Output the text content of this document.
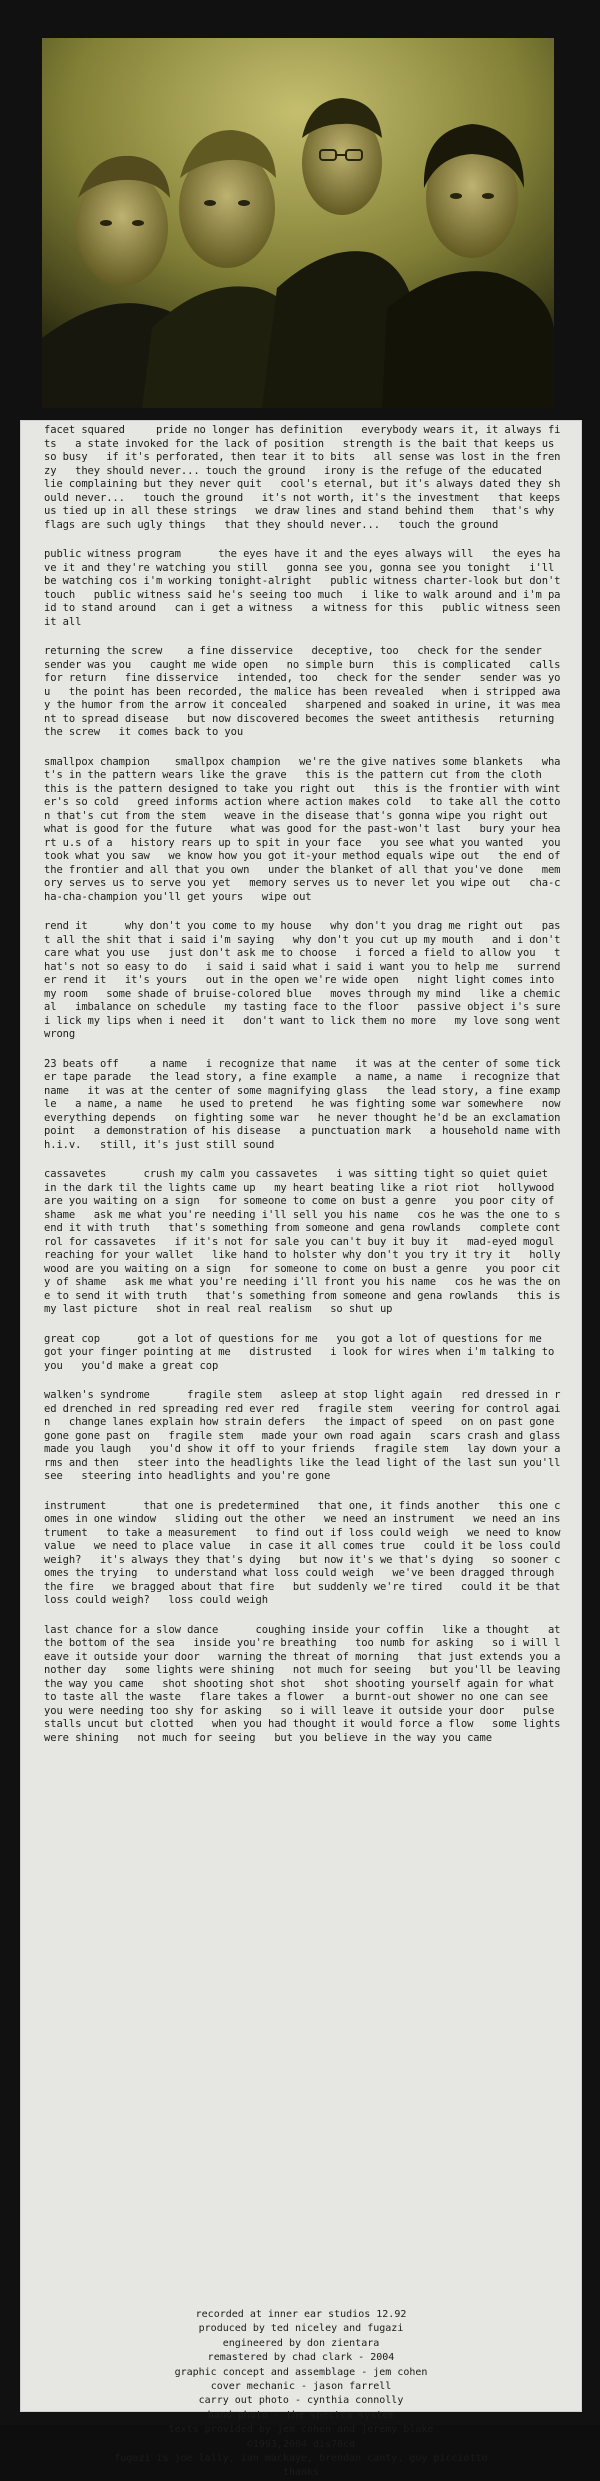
facet squared     pride no longer has definition   everybody wears it, it always fits   a state invoked for the lack of position   strength is the bait that keeps us so busy   if it's perforated, then tear it to bits   all sense was lost in the frenzy   they should never... touch the ground   irony is the refuge of the educated   lie complaining but they never quit   cool's eternal, but it's always dated they should never...   touch the ground   it's not worth, it's the investment   that keeps us tied up in all these strings   we draw lines and stand behind them   that's why flags are such ugly things   that they should never...   touch the ground
public witness program      the eyes have it and the eyes always will   the eyes have it and they're watching you still   gonna see you, gonna see you tonight   i'll be watching cos i'm working tonight-alright   public witness charter-look but don't touch   public witness said he's seeing too much   i like to walk around and i'm paid to stand around   can i get a witness   a witness for this   public witness seen it all
returning the screw    a fine disservice   deceptive, too   check for the sender   sender was you   caught me wide open   no simple burn   this is complicated   calls for return   fine disservice   intended, too   check for the sender   sender was you   the point has been recorded, the malice has been revealed   when i stripped away the humor from the arrow it concealed   sharpened and soaked in urine, it was meant to spread disease   but now discovered becomes the sweet antithesis   returning the screw   it comes back to you
smallpox champion    smallpox champion   we're the give natives some blankets   what's in the pattern wears like the grave   this is the pattern cut from the cloth   this is the pattern designed to take you right out   this is the frontier with winter's so cold   greed informs action where action makes cold   to take all the cotton that's cut from the stem   weave in the disease that's gonna wipe you right out   what is good for the future   what was good for the past-won't last   bury your heart u.s of a   history rears up to spit in your face   you see what you wanted   you took what you saw   we know how you got it-your method equals wipe out   the end of the frontier and all that you own   under the blanket of all that you've done   memory serves us to serve you yet   memory serves us to never let you wipe out   cha-cha-cha-champion you'll get yours   wipe out
rend it      why don't you come to my house   why don't you drag me right out   past all the shit that i said i'm saying   why don't you cut up my mouth   and i don't care what you use   just don't ask me to choose   i forced a field to allow you   that's not so easy to do   i said i said what i said i want you to help me   surrender rend it   it's yours   out in the open we're wide open   night light comes into my room   some shade of bruise-colored blue   moves through my mind   like a chemical   imbalance on schedule   my tasting face to the floor   passive object i's sure   i lick my lips when i need it   don't want to lick them no more   my love song went wrong
23 beats off     a name   i recognize that name   it was at the center of some ticker tape parade   the lead story, a fine example   a name, a name   i recognize that name   it was at the center of some magnifying glass   the lead story, a fine example   a name, a name   he used to pretend   he was fighting some war somewhere   now everything depends   on fighting some war   he never thought he'd be an exclamation point   a demonstration of his disease   a punctuation mark   a household name with h.i.v.   still, it's just still sound
cassavetes      crush my calm you cassavetes   i was sitting tight so quiet quiet   in the dark til the lights came up   my heart beating like a riot riot   hollywood are you waiting on a sign   for someone to come on bust a genre   you poor city of shame   ask me what you're needing i'll sell you his name   cos he was the one to send it with truth   that's something from someone and gena rowlands   complete control for cassavetes   if it's not for sale you can't buy it buy it   mad-eyed mogul reaching for your wallet   like hand to holster why don't you try it try it   hollywood are you waiting on a sign   for someone to come on bust a genre   you poor city of shame   ask me what you're needing i'll front you his name   cos he was the one to send it with truth   that's something from someone and gena rowlands   this is my last picture   shot in real real realism   so shut up
great cop      got a lot of questions for me   you got a lot of questions for me   got your finger pointing at me   distrusted   i look for wires when i'm talking to you   you'd make a great cop
walken's syndrome      fragile stem   asleep at stop light again   red dressed in red drenched in red spreading red ever red   fragile stem   veering for control again   change lanes explain how strain defers   the impact of speed   on on past gone   gone gone past on   fragile stem   made your own road again   scars crash and glass made you laugh   you'd show it off to your friends   fragile stem   lay down your arms and then   steer into the headlights like the lead light of the last sun you'll see   steering into headlights and you're gone
instrument      that one is predetermined   that one, it finds another   this one comes in one window   sliding out the other   we need an instrument   we need an instrument   to take a measurement   to find out if loss could weigh   we need to know value   we need to place value   in case it all comes true   could it be loss could weigh?   it's always they that's dying   but now it's we that's dying   so sooner comes the trying   to understand what loss could weigh   we've been dragged through the fire   we bragged about that fire   but suddenly we're tired   could it be that loss could weigh?   loss could weigh
last chance for a slow dance      coughing inside your coffin   like a thought   at the bottom of the sea   inside you're breathing   too numb for asking   so i will leave it outside your door   warning the threat of morning   that just extends you another day   some lights were shining   not much for seeing   but you'll be leaving the way you came   shot shooting shot shot   shot shooting yourself again for what   to taste all the waste   flare takes a flower   a burnt-out shower no one can see   you were needing too shy for asking   so i will leave it outside your door   pulse stalls uncut but clotted   when you had thought it would force a flow   some lights were shining   not much for seeing   but you believe in the way you came
recorded at inner ear studios 12.92
produced by ted niceley and fugazi
engineered by don zientara
remastered by chad clark - 2004
graphic concept and assemblage - jem cohen
cover mechanic - jason farrell
carry out photo - cynthia connolly
band photo - the spectra system
texts provided by jem cohen and jeremy blake
©1993,2004 dis70cd
fugazi is joe lally, ian mackaye, brendan canty, guy picciotto
thanks
